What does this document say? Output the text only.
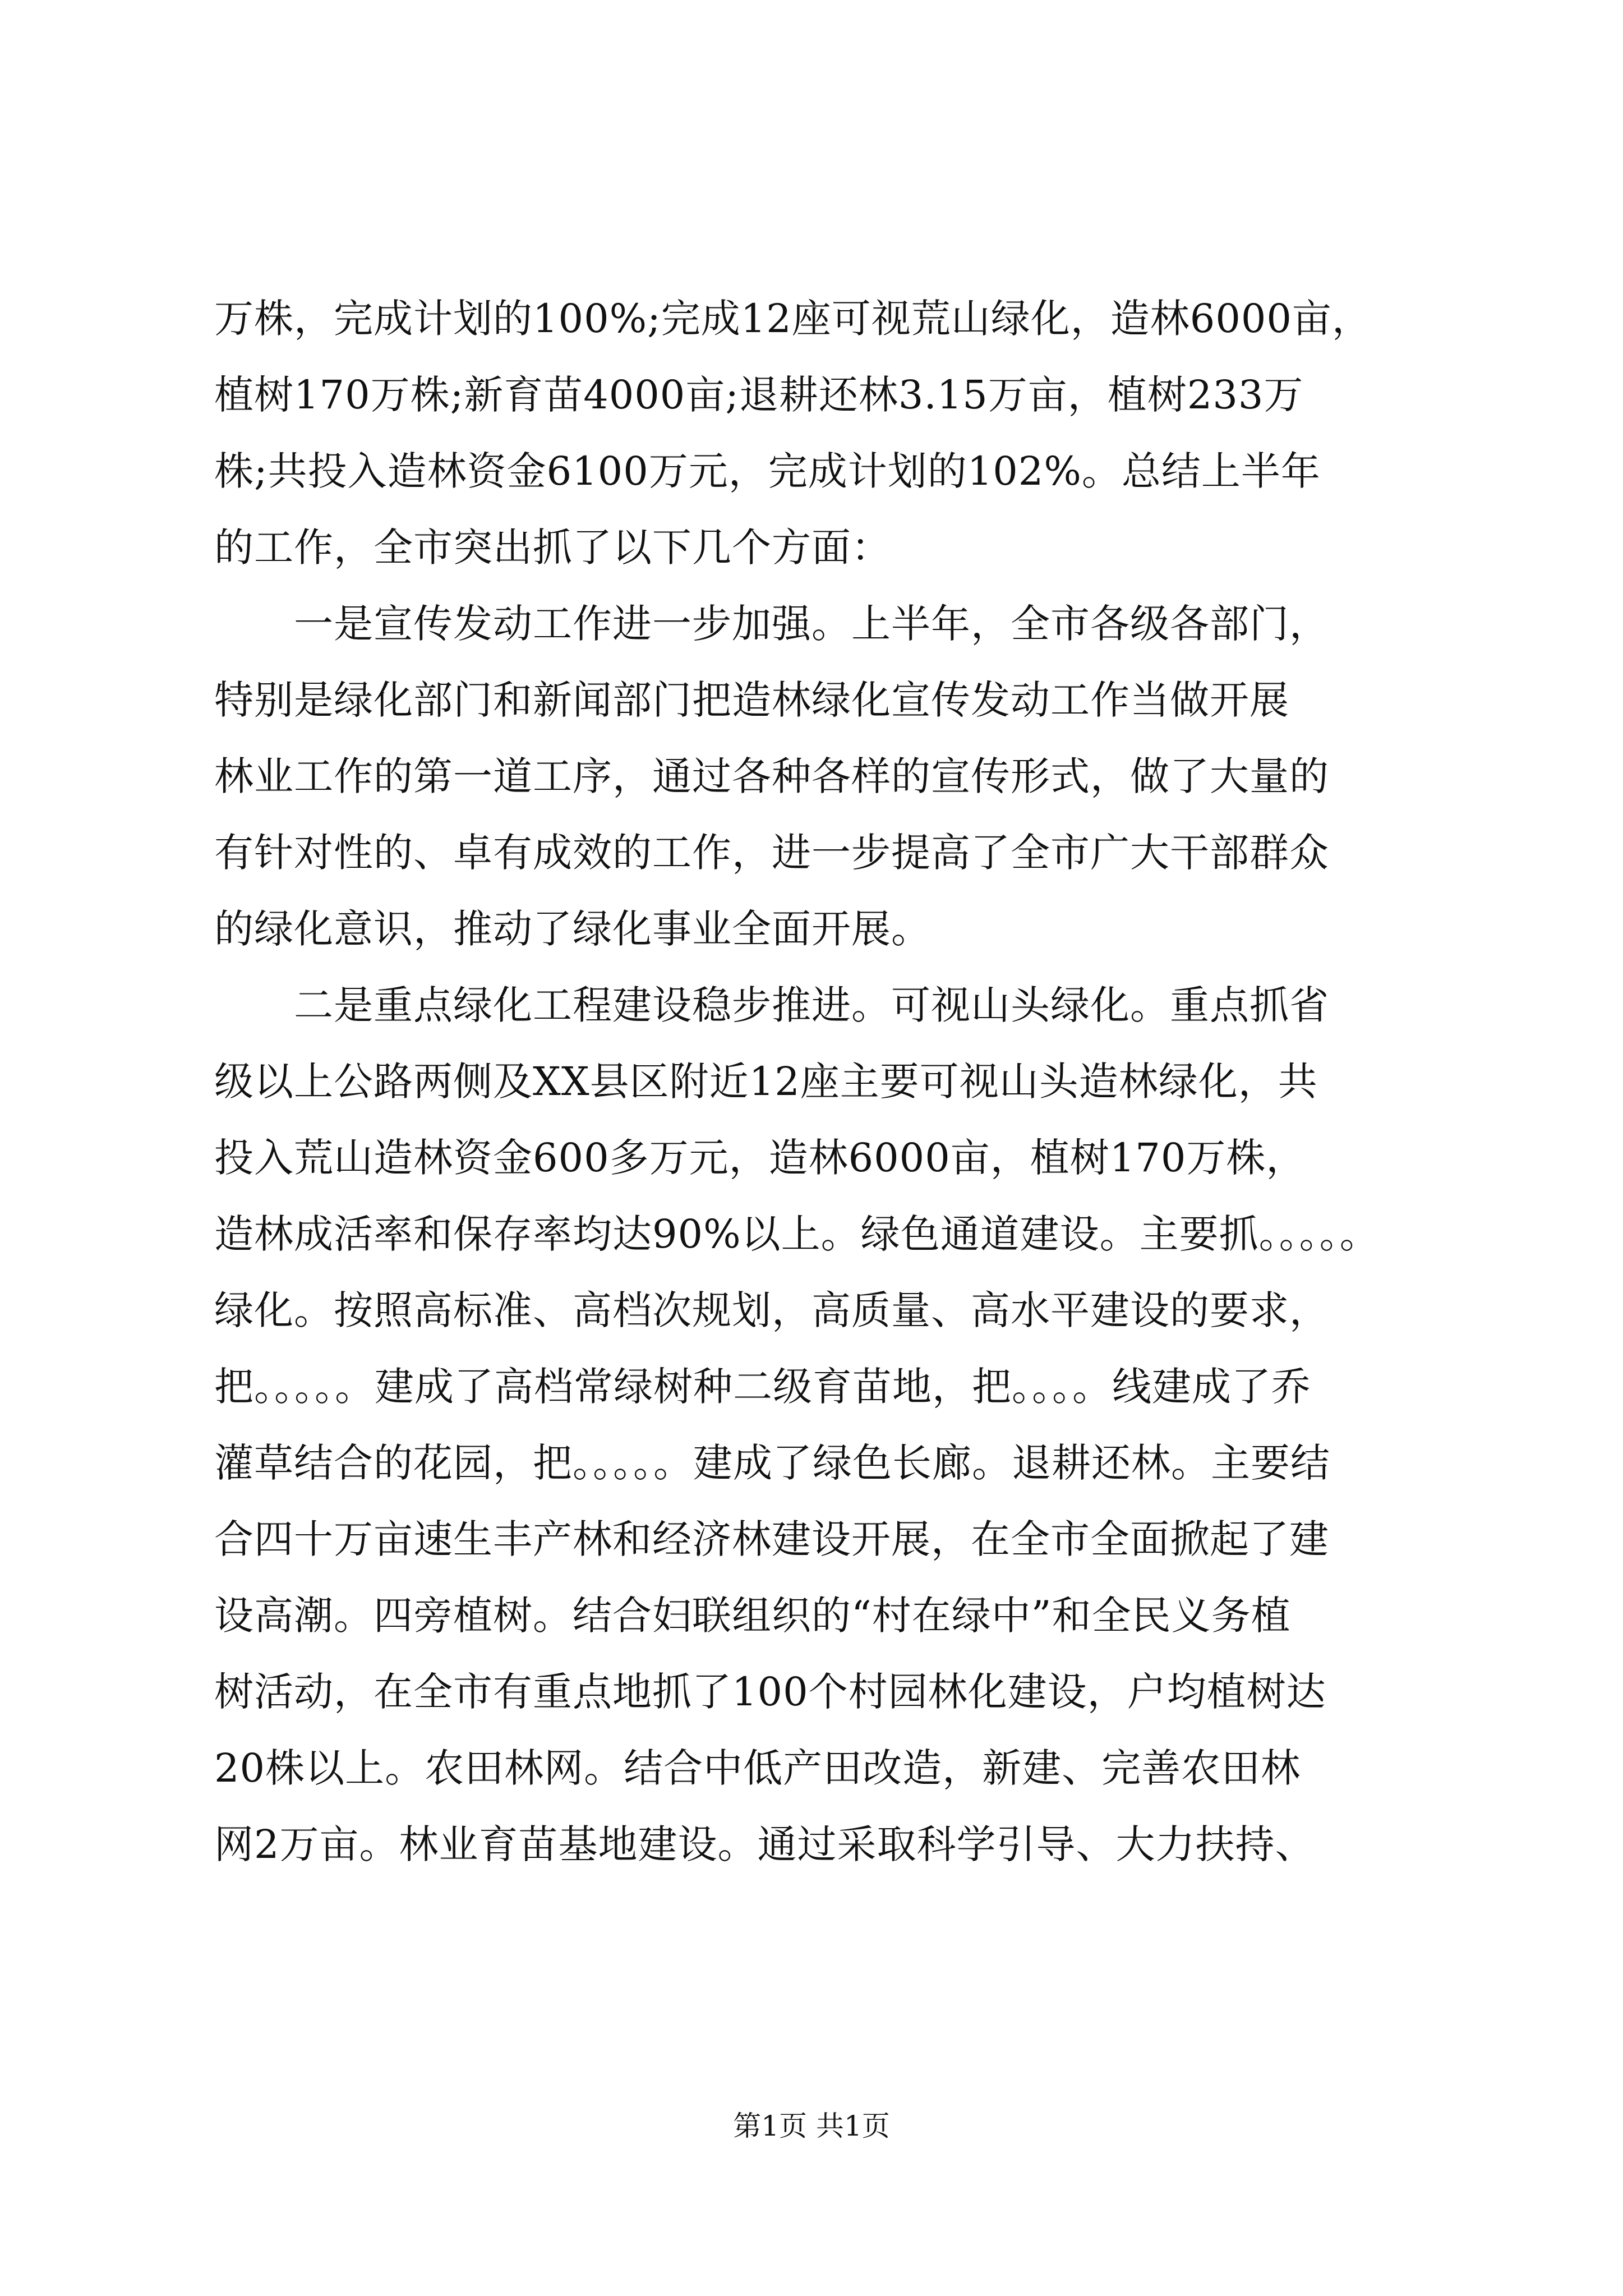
万株，完成计划的100%;完成12座可视荒山绿化，造林6000亩，
植树170万株;新育苗4000亩;退耕还林3.15万亩，植树233万
株;共投入造林资金6100万元，完成计划的102%。总结上半年
的工作，全市突出抓了以下几个方面：
　　一是宣传发动工作进一步加强。上半年，全市各级各部门，
特别是绿化部门和新闻部门把造林绿化宣传发动工作当做开展
林业工作的第一道工序，通过各种各样的宣传形式，做了大量的
有针对性的、卓有成效的工作，进一步提高了全市广大干部群众
的绿化意识，推动了绿化事业全面开展。
　　二是重点绿化工程建设稳步推进。可视山头绿化。重点抓省
级以上公路两侧及XX县区附近12座主要可视山头造林绿化，共
投入荒山造林资金600多万元，造林6000亩，植树170万株，
造林成活率和保存率均达90%以上。绿色通道建设。主要抓。。。。。
绿化。按照高标准、高档次规划，高质量、高水平建设的要求，
把。。。。。建成了高档常绿树种二级育苗地，把。。。。线建成了乔
灌草结合的花园，把。。。。。建成了绿色长廊。退耕还林。主要结
合四十万亩速生丰产林和经济林建设开展，在全市全面掀起了建
设高潮。四旁植树。结合妇联组织的“村在绿中”和全民义务植
树活动，在全市有重点地抓了100个村园林化建设，户均植树达
20株以上。农田林网。结合中低产田改造，新建、完善农田林
网2万亩。林业育苗基地建设。通过采取科学引导、大力扶持、
第1页 共1页
